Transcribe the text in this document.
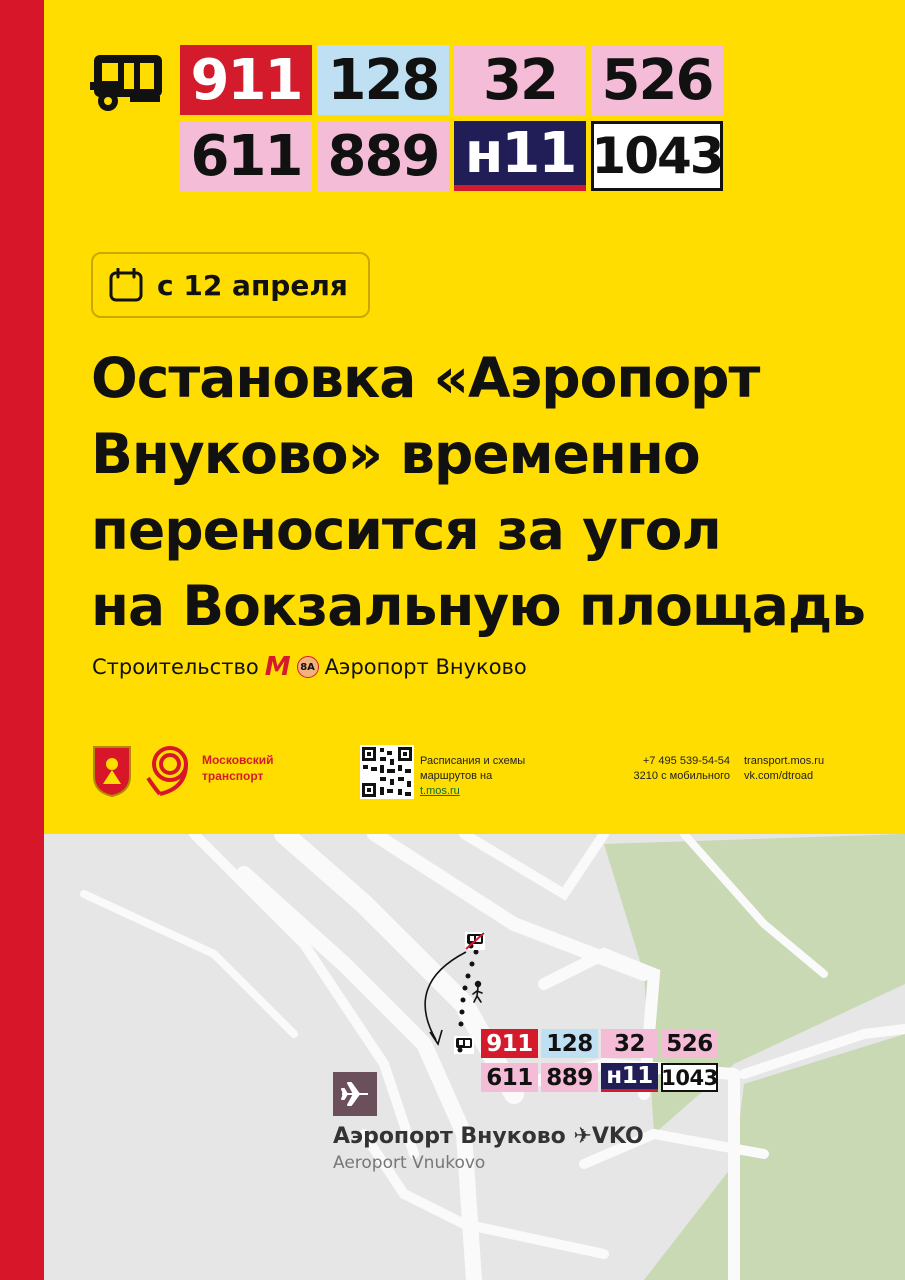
911 128 32 526
611 889 н11 1043
с 12 апреля
Остановка «Аэропорт
Внуково» временно
переносится за угол
на Вокзальную площадь
Строительство М 8А Аэропорт Внуково
Московский
транспорт
Расписания и схемы
маршрутов на
t.mos.ru
+7 495 539-54-54
3210 с мобильного
transport.mos.ru
vk.com/dtroad
911 128 32 526
611 889 н11 1043
Аэропорт Внуково ✈VKO
Aeroport Vnukovo
